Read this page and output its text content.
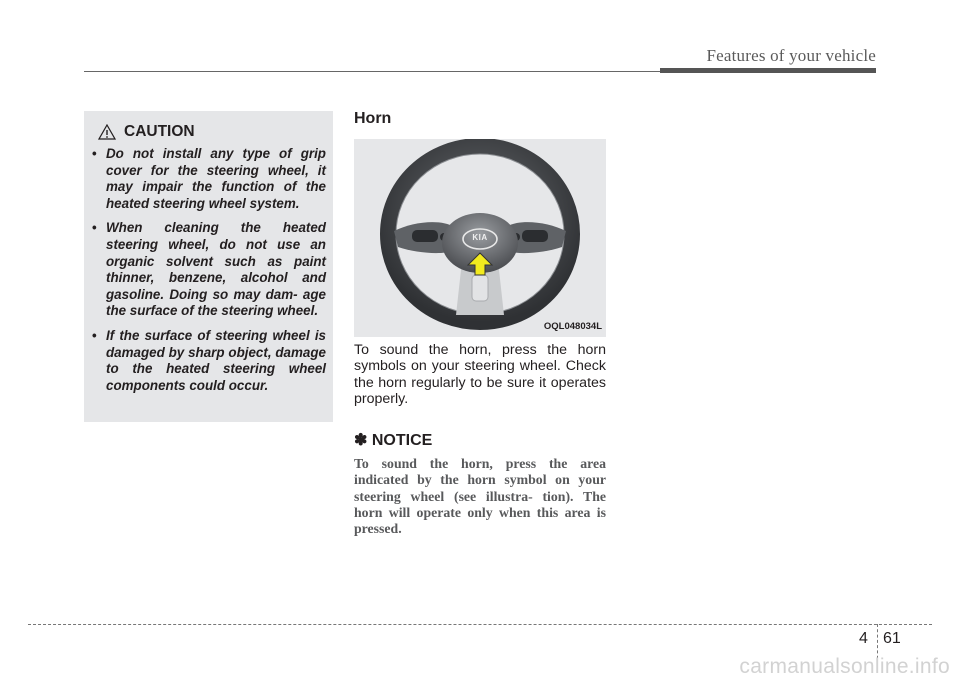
Features of your vehicle
CAUTION
• Do not install any type of grip cover for the steering wheel, it may impair the function of the heated steering wheel system.
• When cleaning the heated steering wheel, do not use an organic solvent such as paint thinner, benzene, alcohol and gasoline. Doing so may dam- age the surface of the steering wheel.
• If the surface of steering wheel is damaged by sharp object, damage to the heated steering wheel components could occur.
Horn
KIA
OQL048034L

To sound the horn, press the horn symbols on your steering wheel. Check the horn regularly to be sure it operates properly.

✽ NOTICE

To sound the horn, press the area indicated by the horn symbol on your steering wheel (see illustra- tion). The horn will operate only when this area is pressed.

4 61
carmanualsonline.info
